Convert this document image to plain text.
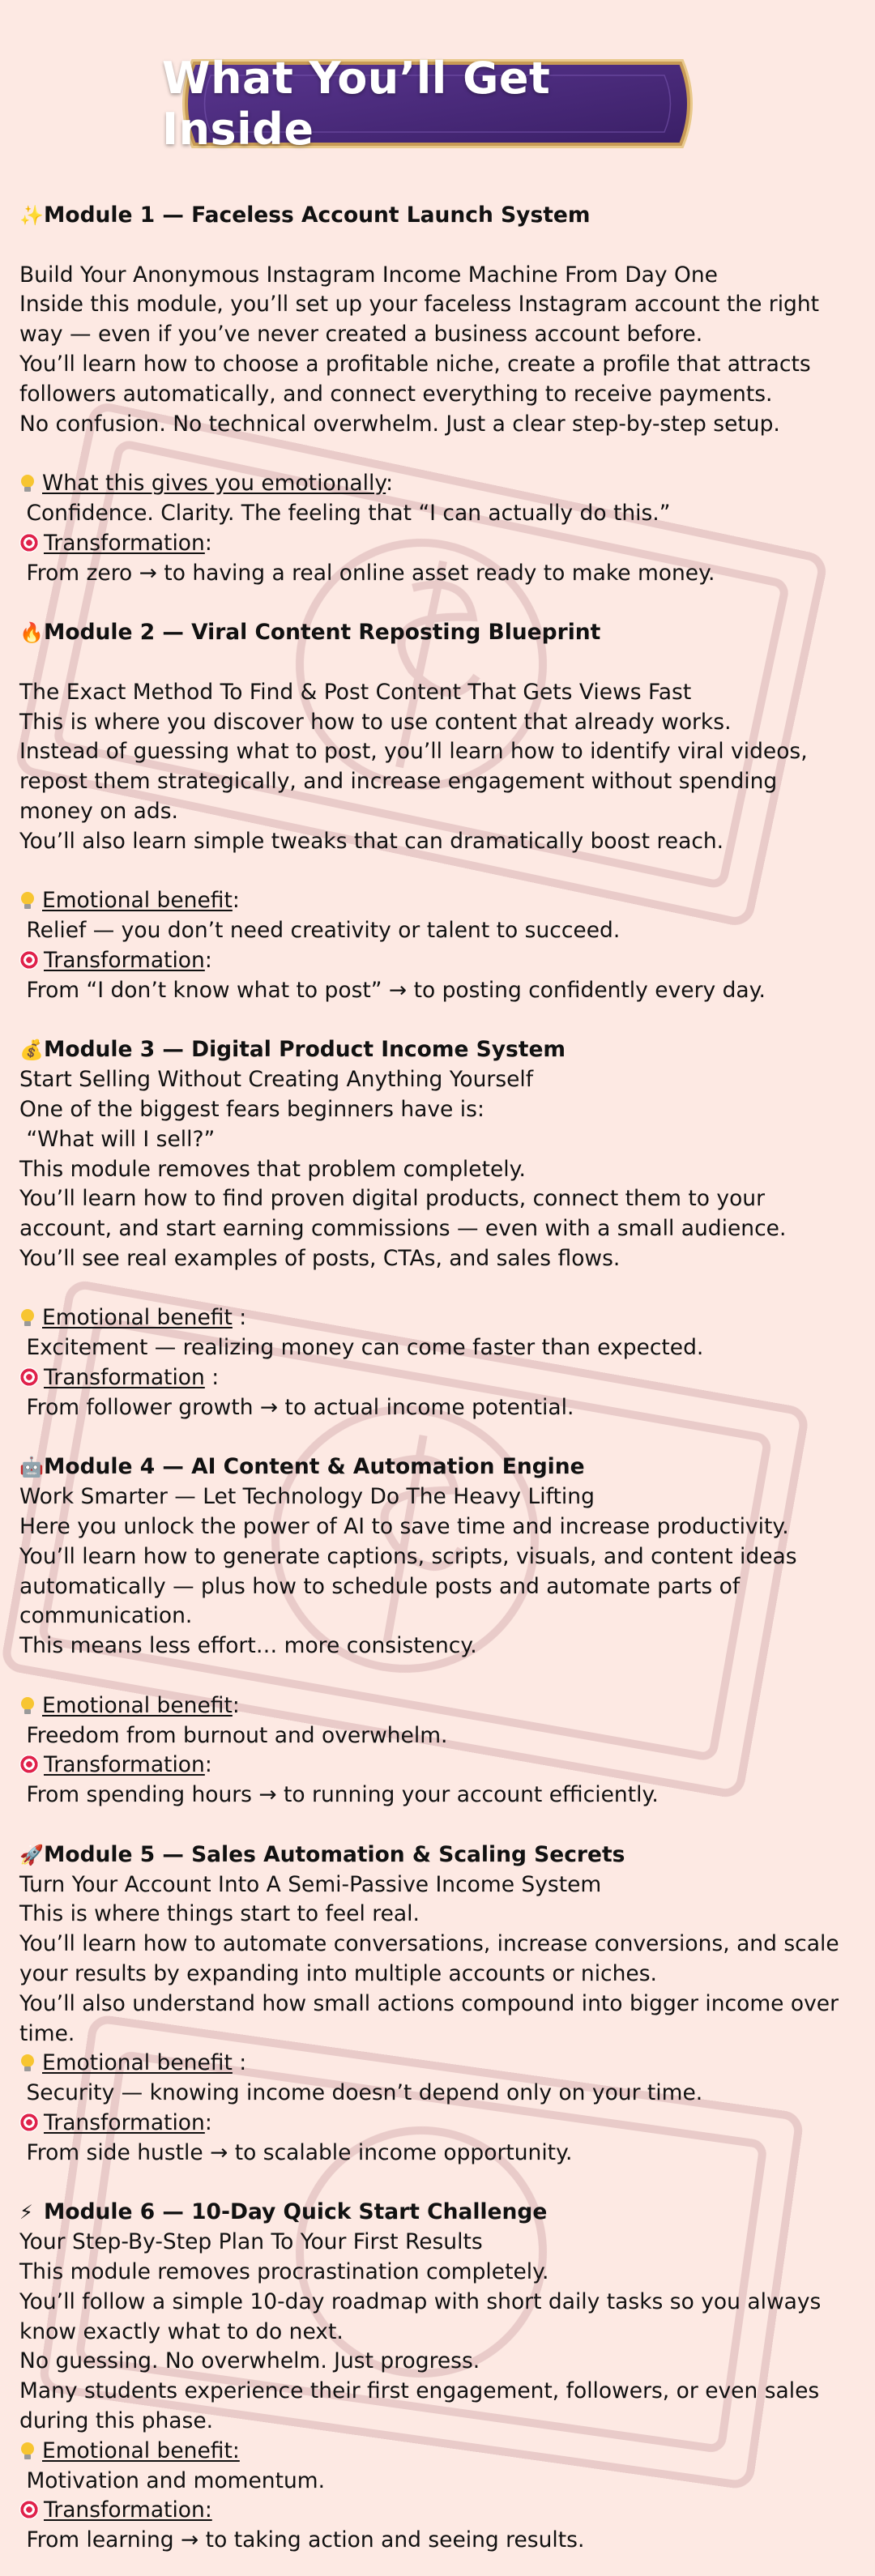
What You’ll Get Inside

✨Module 1 — Faceless Account Launch System

Build Your Anonymous Instagram Income Machine From Day One

Inside this module, you’ll set up your faceless Instagram account the right

way — even if you’ve never created a business account before.

You’ll learn how to choose a profitable niche, create a profile that attracts

followers automatically, and connect everything to receive payments.

No confusion. No technical overwhelm. Just a clear step-by-step setup.

What this gives you emotionally:

Confidence. Clarity. The feeling that “I can actually do this.”

Transformation:

From zero → to having a real online asset ready to make money.

🔥Module 2 — Viral Content Reposting Blueprint

The Exact Method To Find & Post Content That Gets Views Fast

This is where you discover how to use content that already works.

Instead of guessing what to post, you’ll learn how to identify viral videos,

repost them strategically, and increase engagement without spending

money on ads.

You’ll also learn simple tweaks that can dramatically boost reach.

Emotional benefit:

Relief — you don’t need creativity or talent to succeed.

Transformation:

From “I don’t know what to post” → to posting confidently every day.

💰Module 3 — Digital Product Income System

Start Selling Without Creating Anything Yourself

One of the biggest fears beginners have is:

“What will I sell?”

This module removes that problem completely.

You’ll learn how to find proven digital products, connect them to your

account, and start earning commissions — even with a small audience.

You’ll see real examples of posts, CTAs, and sales flows.

Emotional benefit :

Excitement — realizing money can come faster than expected.

Transformation :

From follower growth → to actual income potential.

🤖Module 4 — AI Content & Automation Engine

Work Smarter — Let Technology Do The Heavy Lifting

Here you unlock the power of AI to save time and increase productivity.

You’ll learn how to generate captions, scripts, visuals, and content ideas

automatically — plus how to schedule posts and automate parts of

communication.

This means less effort… more consistency.

Emotional benefit:

Freedom from burnout and overwhelm.

Transformation:

From spending hours → to running your account efficiently.

🚀Module 5 — Sales Automation & Scaling Secrets

Turn Your Account Into A Semi-Passive Income System

This is where things start to feel real.

You’ll learn how to automate conversations, increase conversions, and scale

your results by expanding into multiple accounts or niches.

You’ll also understand how small actions compound into bigger income over

time.

Emotional benefit :

Security — knowing income doesn’t depend only on your time.

Transformation:

From side hustle → to scalable income opportunity.

⚡ Module 6 — 10-Day Quick Start Challenge

Your Step-By-Step Plan To Your First Results

This module removes procrastination completely.

You’ll follow a simple 10-day roadmap with short daily tasks so you always

know exactly what to do next.

No guessing. No overwhelm. Just progress.

Many students experience their first engagement, followers, or even sales

during this phase.

Emotional benefit:

Motivation and momentum.

Transformation:

From learning → to taking action and seeing results.
